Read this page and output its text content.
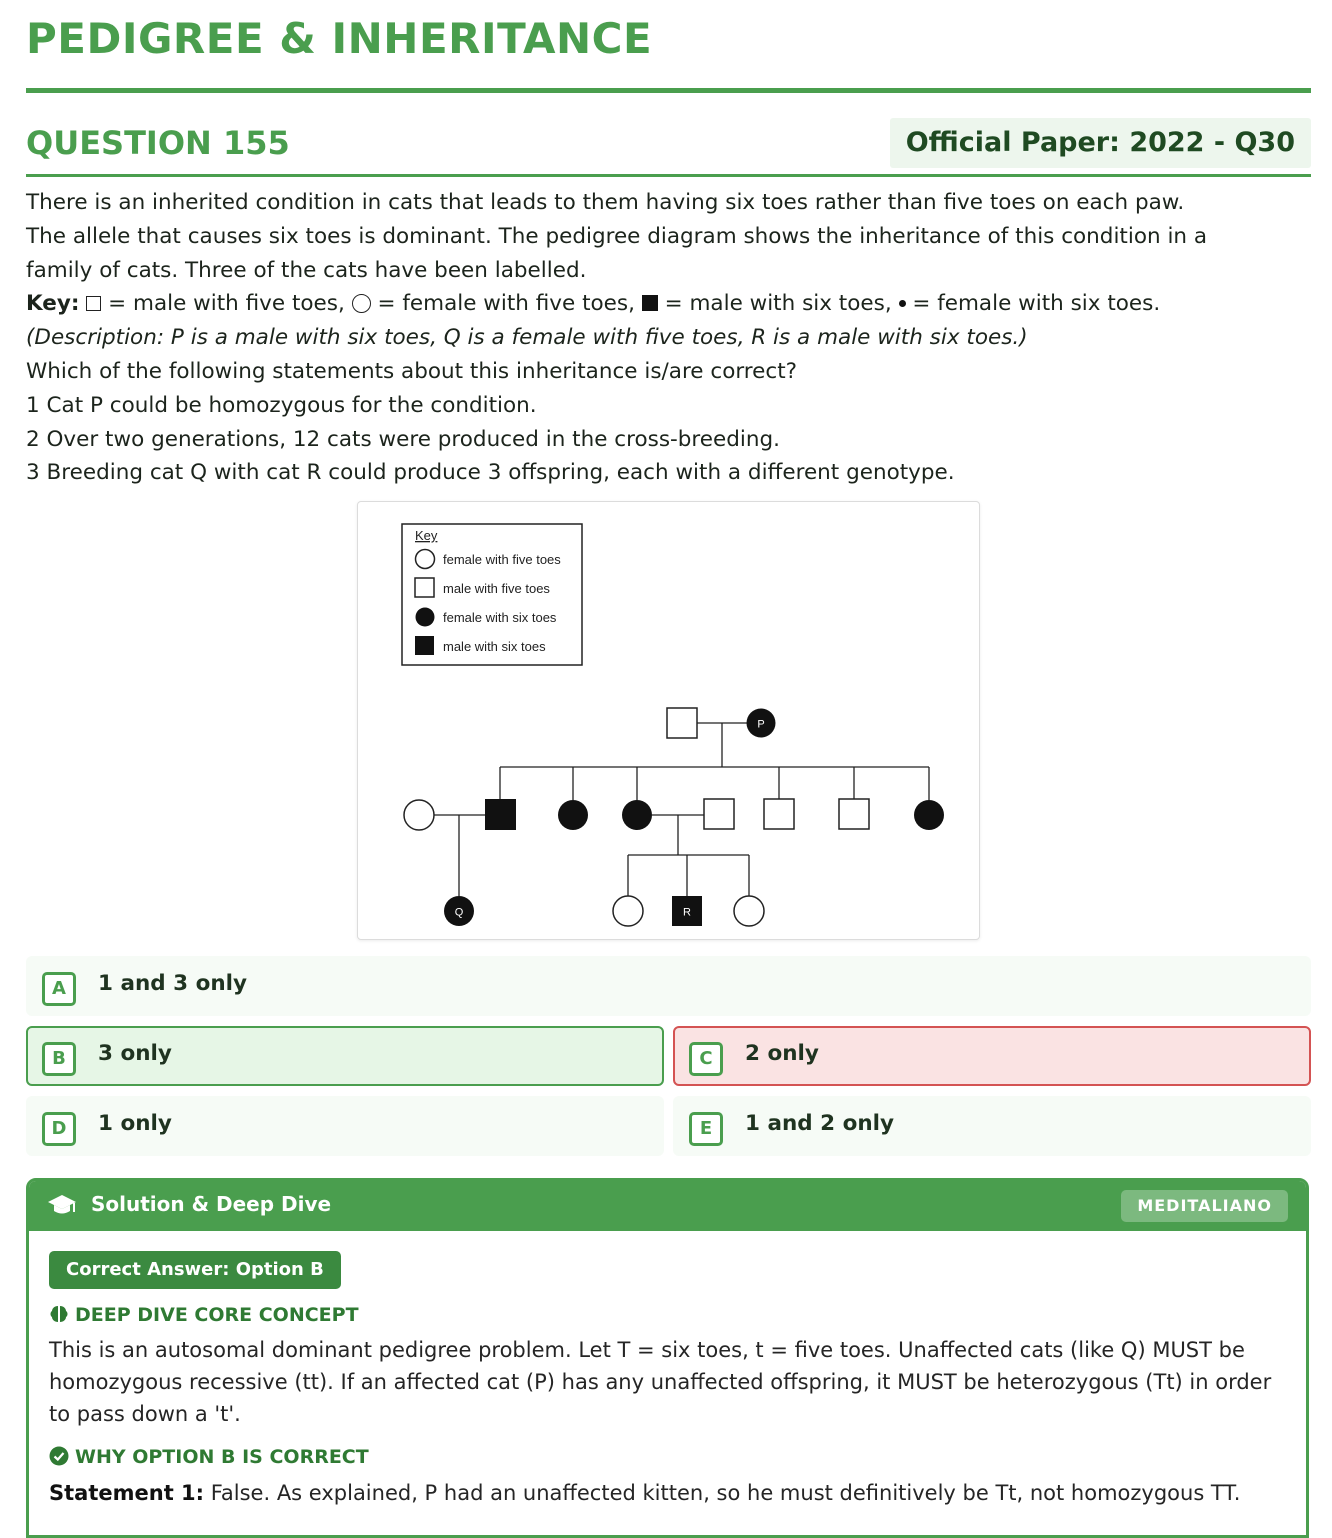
PEDIGREE & INHERITANCE
QUESTION 155	Official Paper: 2022 - Q30
There is an inherited condition in cats that leads to them having six toes rather than five toes on each paw.
The allele that causes six toes is dominant. The pedigree diagram shows the inheritance of this condition in a
family of cats. Three of the cats have been labelled.
Key: = male with five toes, = female with five toes, = male with six toes, = female with six toes.
(Description: P is a male with six toes, Q is a female with five toes, R is a male with six toes.)
Which of the following statements about this inheritance is/are correct?
1 Cat P could be homozygous for the condition.
2 Over two generations, 12 cats were produced in the cross-breeding.
3 Breeding cat Q with cat R could produce 3 offspring, each with a different genotype.
Key
female with five toes
male with five toes
female with six toes
male with six toes
P
Q	R
A	1 and 3 only
B	3 only	C	2 only
D	1 only	E	1 and 2 only
Solution & Deep Dive	MEDITALIANO
Correct Answer: Option B
DEEP DIVE CORE CONCEPT
This is an autosomal dominant pedigree problem. Let T = six toes, t = five toes. Unaffected cats (like Q) MUST be homozygous recessive (tt). If an affected cat (P) has any unaffected offspring, it MUST be heterozygous (Tt) in order to pass down a 't'.
WHY OPTION B IS CORRECT
Statement 1: False. As explained, P had an unaffected kitten, so he must definitively be Tt, not homozygous TT.
